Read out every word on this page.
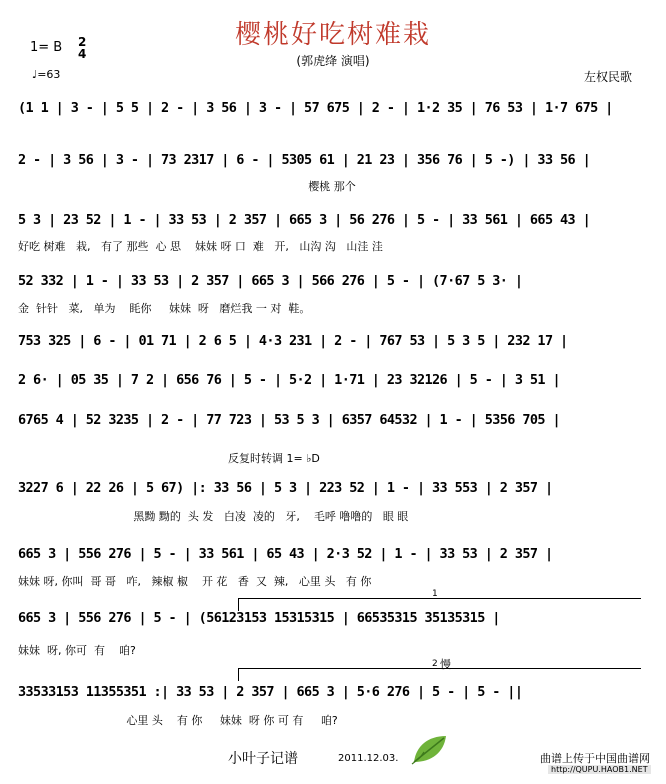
樱桃好吃树难栽
(郭虎绛 演唱)
1= B 2
4
♩=63	左权民歌
(1 1 | 3 - | 5 5 | 2 - | 3 56 | 3 - | 57 675 | 2 - | 1·2 35 | 76 53 | 1·7 675 |
2 - | 3 56 | 3 - | 73 2317 | 6 - | 5305 61 | 21 23 | 356 76 | 5 -) | 33 56 |
樱桃 那个
5 3 | 23 52 | 1 - | 33 53 | 2 357 | 665 3 | 56 276 | 5 - | 33 561 | 665 43 |
好吃 树难   栽,   有了 那些  心 思    妹妹 呀 口  难   开,   山沟 沟   山洼 洼
52 332 | 1 - | 33 53 | 2 357 | 665 3 | 566 276 | 5 - | (7·67 5 3· |
金  针针   菜,   单为    眊你     妹妹  呀   磨烂我 一 对  鞋。
753 325 | 6 - | 01 71 | 2 6 5 | 4·3 231 | 2 - | 767 53 | 5 3 5 | 232 17 |
2 6· | 05 35 | 7 2 | 656 76 | 5 - | 5·2 | 1·71 | 23 32126 | 5 - | 3 51 |
6765 4 | 52 3235 | 2 - | 77 723 | 53 5 3 | 6357 64532 | 1 - | 5356 705 |
反复时转调 1= ♭D
3227 6 | 22 26 | 5 67) |: 33 56 | 5 3 | 223 52 | 1 - | 33 553 | 2 357 |
黑黝 黝的  头 发   白凌  凌的   牙,    毛呼 噜噜的   眼 眼
665 3 | 556 276 | 5 - | 33 561 | 65 43 | 2·3 52 | 1 - | 33 53 | 2 357 |
妹妹 呀, 你叫  哥 哥   咋,   辣椒 椒    开 花   香  又  辣,   心里 头   有 你
1
665 3 | 556 276 | 5 - | (56123153 15315315 | 66535315 35135315 |
妹妹  呀, 你可  有    咱?
2 慢
33533153 11355351 :| 33 53 | 2 357 | 665 3 | 5·6 276 | 5 - | 5 - ||
心里 头    有 你     妹妹  呀 你 可 有     咱?
小叶子记谱	2011.12.03.	曲谱上传于中国曲谱网
http://QUPU.HAOB1.NET
